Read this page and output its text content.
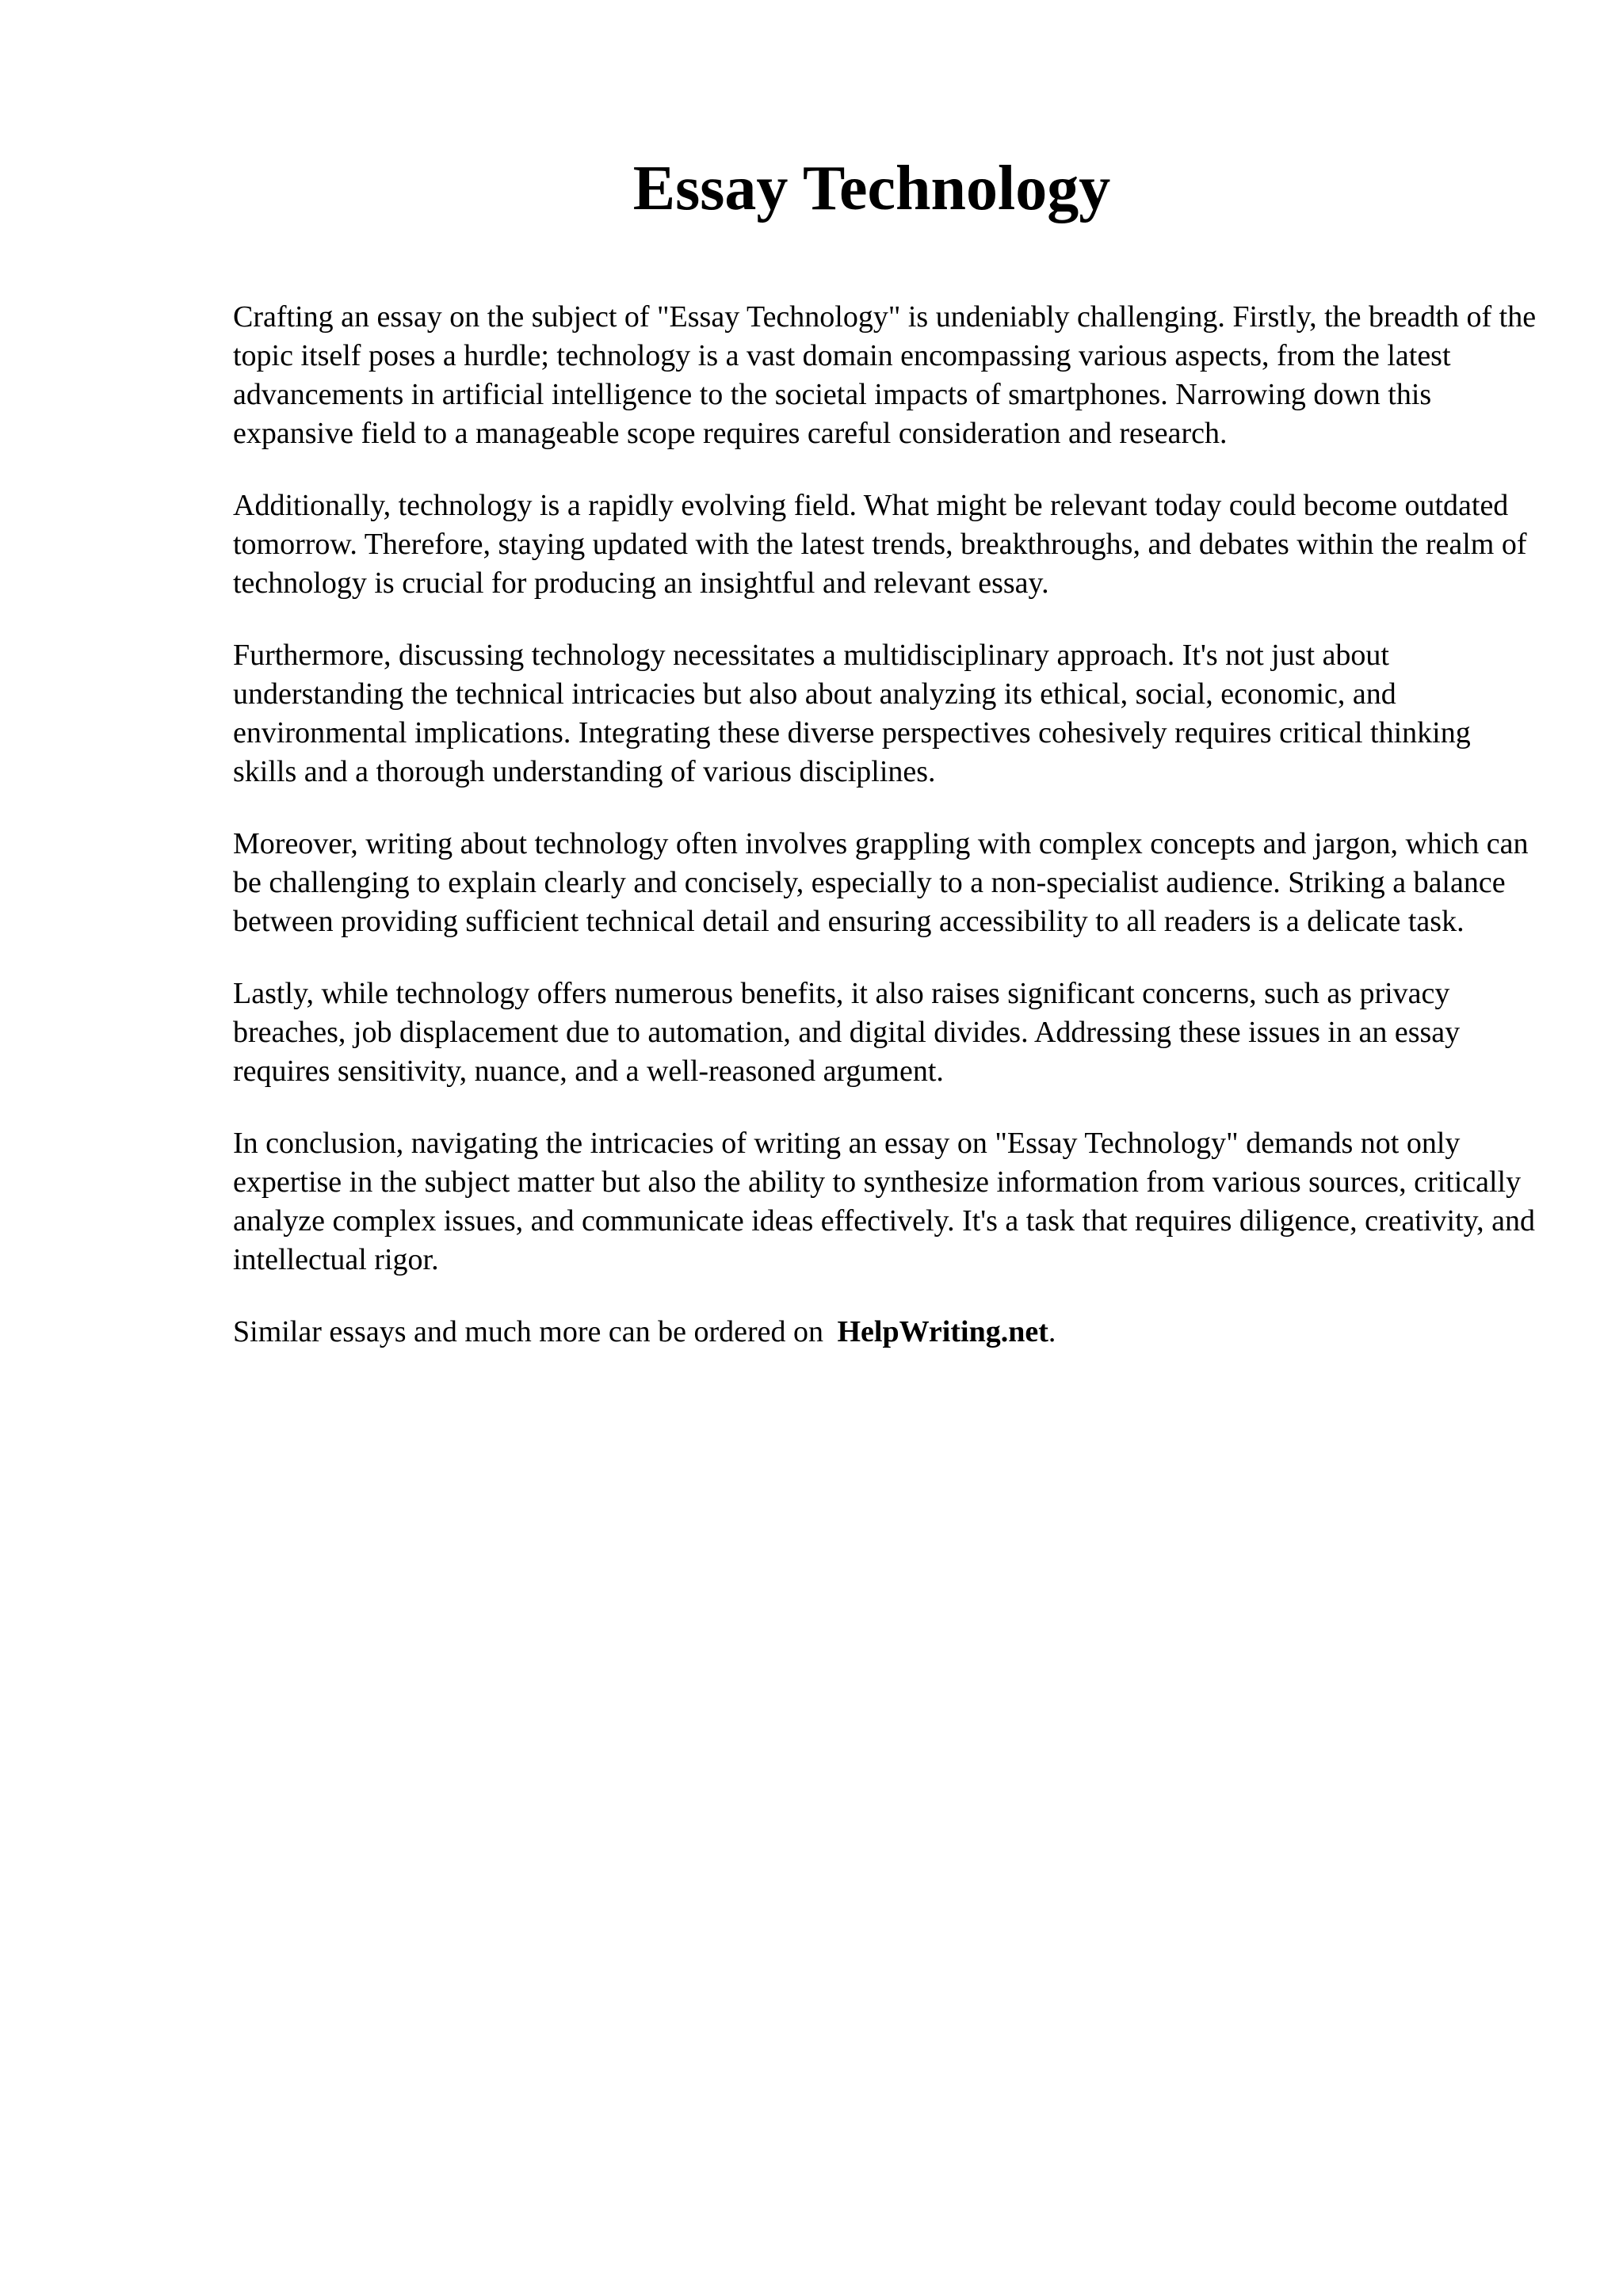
Essay Technology

Crafting an essay on the subject of "Essay Technology" is undeniably challenging. Firstly, the breadth of the topic itself poses a hurdle; technology is a vast domain encompassing various aspects, from the latest advancements in artificial intelligence to the societal impacts of smartphones. Narrowing down this expansive field to a manageable scope requires careful consideration and research.

Additionally, technology is a rapidly evolving field. What might be relevant today could become outdated tomorrow. Therefore, staying updated with the latest trends, breakthroughs, and debates within the realm of technology is crucial for producing an insightful and relevant essay.

Furthermore, discussing technology necessitates a multidisciplinary approach. It's not just about understanding the technical intricacies but also about analyzing its ethical, social, economic, and environmental implications. Integrating these diverse perspectives cohesively requires critical thinking skills and a thorough understanding of various disciplines.

Moreover, writing about technology often involves grappling with complex concepts and jargon, which can be challenging to explain clearly and concisely, especially to a non-specialist audience. Striking a balance between providing sufficient technical detail and ensuring accessibility to all readers is a delicate task.

Lastly, while technology offers numerous benefits, it also raises significant concerns, such as privacy breaches, job displacement due to automation, and digital divides. Addressing these issues in an essay requires sensitivity, nuance, and a well-reasoned argument.

In conclusion, navigating the intricacies of writing an essay on "Essay Technology" demands not only expertise in the subject matter but also the ability to synthesize information from various sources, critically analyze complex issues, and communicate ideas effectively. It's a task that requires diligence, creativity, and intellectual rigor.

Similar essays and much more can be ordered on HelpWriting.net.
